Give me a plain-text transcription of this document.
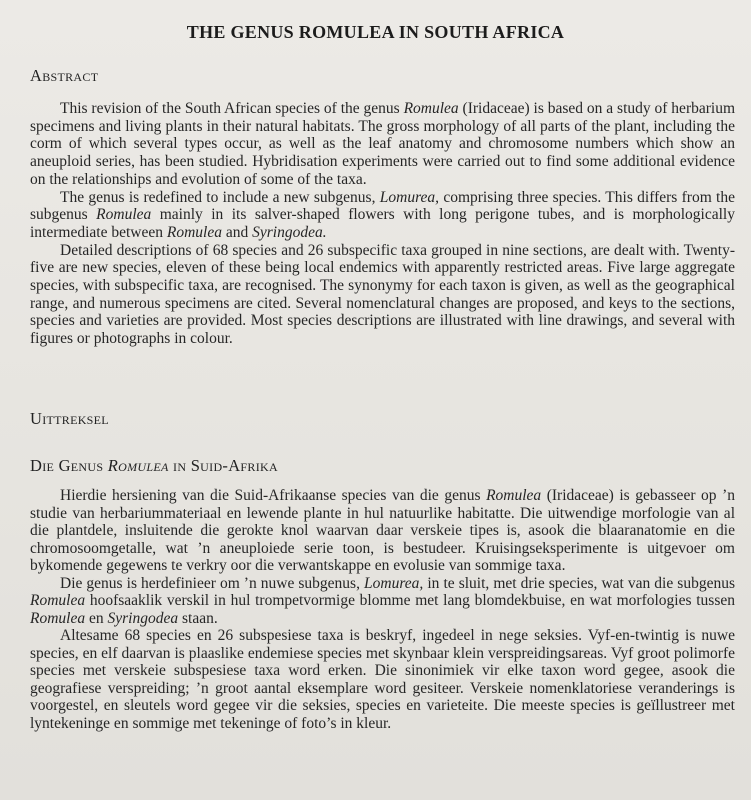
THE GENUS ROMULEA IN SOUTH AFRICA
Abstract

This revision of the South African species of the genus Romulea (Iridaceae) is based on a study of herbarium specimens and living plants in their natural habitats. The gross morphology of all parts of the plant, including the corm of which several types occur, as well as the leaf anatomy and chromosome numbers which show an aneuploid series, has been studied. Hybridisation experiments were carried out to find some additional evidence on the relationships and evolution of some of the taxa.

The genus is redefined to include a new subgenus, Lomurea, comprising three species. This differs from the subgenus Romulea mainly in its salver-shaped flowers with long perigone tubes, and is morphologically intermediate between Romulea and Syringodea.

Detailed descriptions of 68 species and 26 subspecific taxa grouped in nine sections, are dealt with. Twenty-five are new species, eleven of these being local endemics with apparently restricted areas. Five large aggregate species, with subspecific taxa, are recognised. The synonymy for each taxon is given, as well as the geographical range, and numerous specimens are cited. Several nomenclatural changes are proposed, and keys to the sections, species and varieties are provided. Most species descriptions are illustrated with line drawings, and several with figures or photographs in colour.

Uittreksel
Die Genus Romulea in Suid-Afrika

Hierdie hersiening van die Suid-Afrikaanse species van die genus Romulea (Iridaceae) is gebasseer op ’n studie van herbariummateriaal en lewende plante in hul natuurlike habitatte. Die uitwendige morfologie van al die plantdele, insluitende die gerokte knol waarvan daar verskeie tipes is, asook die blaaranatomie en die chromosoomgetalle, wat ’n aneuploiede serie toon, is bestudeer. Kruisingseksperimente is uitgevoer om bykomende gegewens te verkry oor die verwantskappe en evolusie van sommige taxa.

Die genus is herdefinieer om ’n nuwe subgenus, Lomurea, in te sluit, met drie species, wat van die subgenus Romulea hoofsaaklik verskil in hul trompetvormige blomme met lang blomdekbuise, en wat morfologies tussen Romulea en Syringodea staan.

Altesame 68 species en 26 subspesiese taxa is beskryf, ingedeel in nege seksies. Vyf-en-twintig is nuwe species, en elf daarvan is plaaslike endemiese species met skynbaar klein verspreidingsareas. Vyf groot polimorfe species met verskeie subspesiese taxa word erken. Die sinonimiek vir elke taxon word gegee, asook die geografiese verspreiding; ’n groot aantal eksemplare word gesiteer. Verskeie nomenklatoriese veranderings is voorgestel, en sleutels word gegee vir die seksies, species en varieteite. Die meeste species is geïllustreer met lyntekeninge en sommige met tekeninge of foto’s in kleur.
